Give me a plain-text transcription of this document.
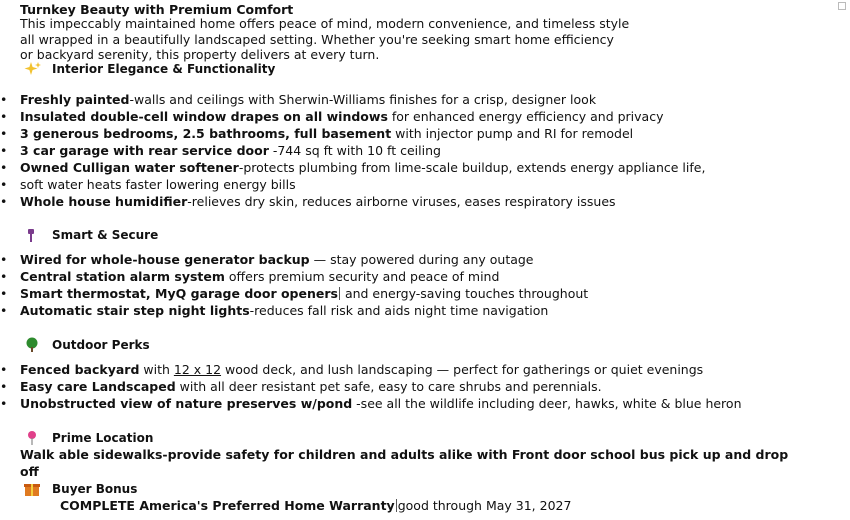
Turnkey Beauty with Premium Comfort
This impeccably maintained home offers peace of mind, modern convenience, and timeless style
all wrapped in a beautifully landscaped setting. Whether you're seeking smart home efficiency
or backyard serenity, this property delivers at every turn.
Interior Elegance & Functionality
• Freshly painted-walls and ceilings with Sherwin-Williams finishes for a crisp, designer look
• Insulated double-cell window drapes on all windows for enhanced energy efficiency and privacy
• 3 generous bedrooms, 2.5 bathrooms, full basement with injector pump and RI for remodel
• 3 car garage with rear service door -744 sq ft with 10 ft ceiling
• Owned Culligan water softener-protects plumbing from lime-scale buildup, extends energy appliance life,
• soft water heats faster lowering energy bills
• Whole house humidifier-relieves dry skin, reduces airborne viruses, eases respiratory issues
Smart & Secure
• Wired for whole-house generator backup — stay powered during any outage
• Central station alarm system offers premium security and peace of mind
• Smart thermostat, MyQ garage door openers and energy-saving touches throughout
• Automatic stair step night lights-reduces fall risk and aids night time navigation
Outdoor Perks
• Fenced backyard with 12 x 12 wood deck, and lush landscaping — perfect for gatherings or quiet evenings
• Easy care Landscaped with all deer resistant pet safe, easy to care shrubs and perennials.
• Unobstructed view of nature preserves w/pond -see all the wildlife including deer, hawks, white & blue heron
Prime Location
Walk able sidewalks-provide safety for children and adults alike with Front door school bus pick up and drop
off
Buyer Bonus
COMPLETE America's Preferred Home Warranty good through May 31, 2027
